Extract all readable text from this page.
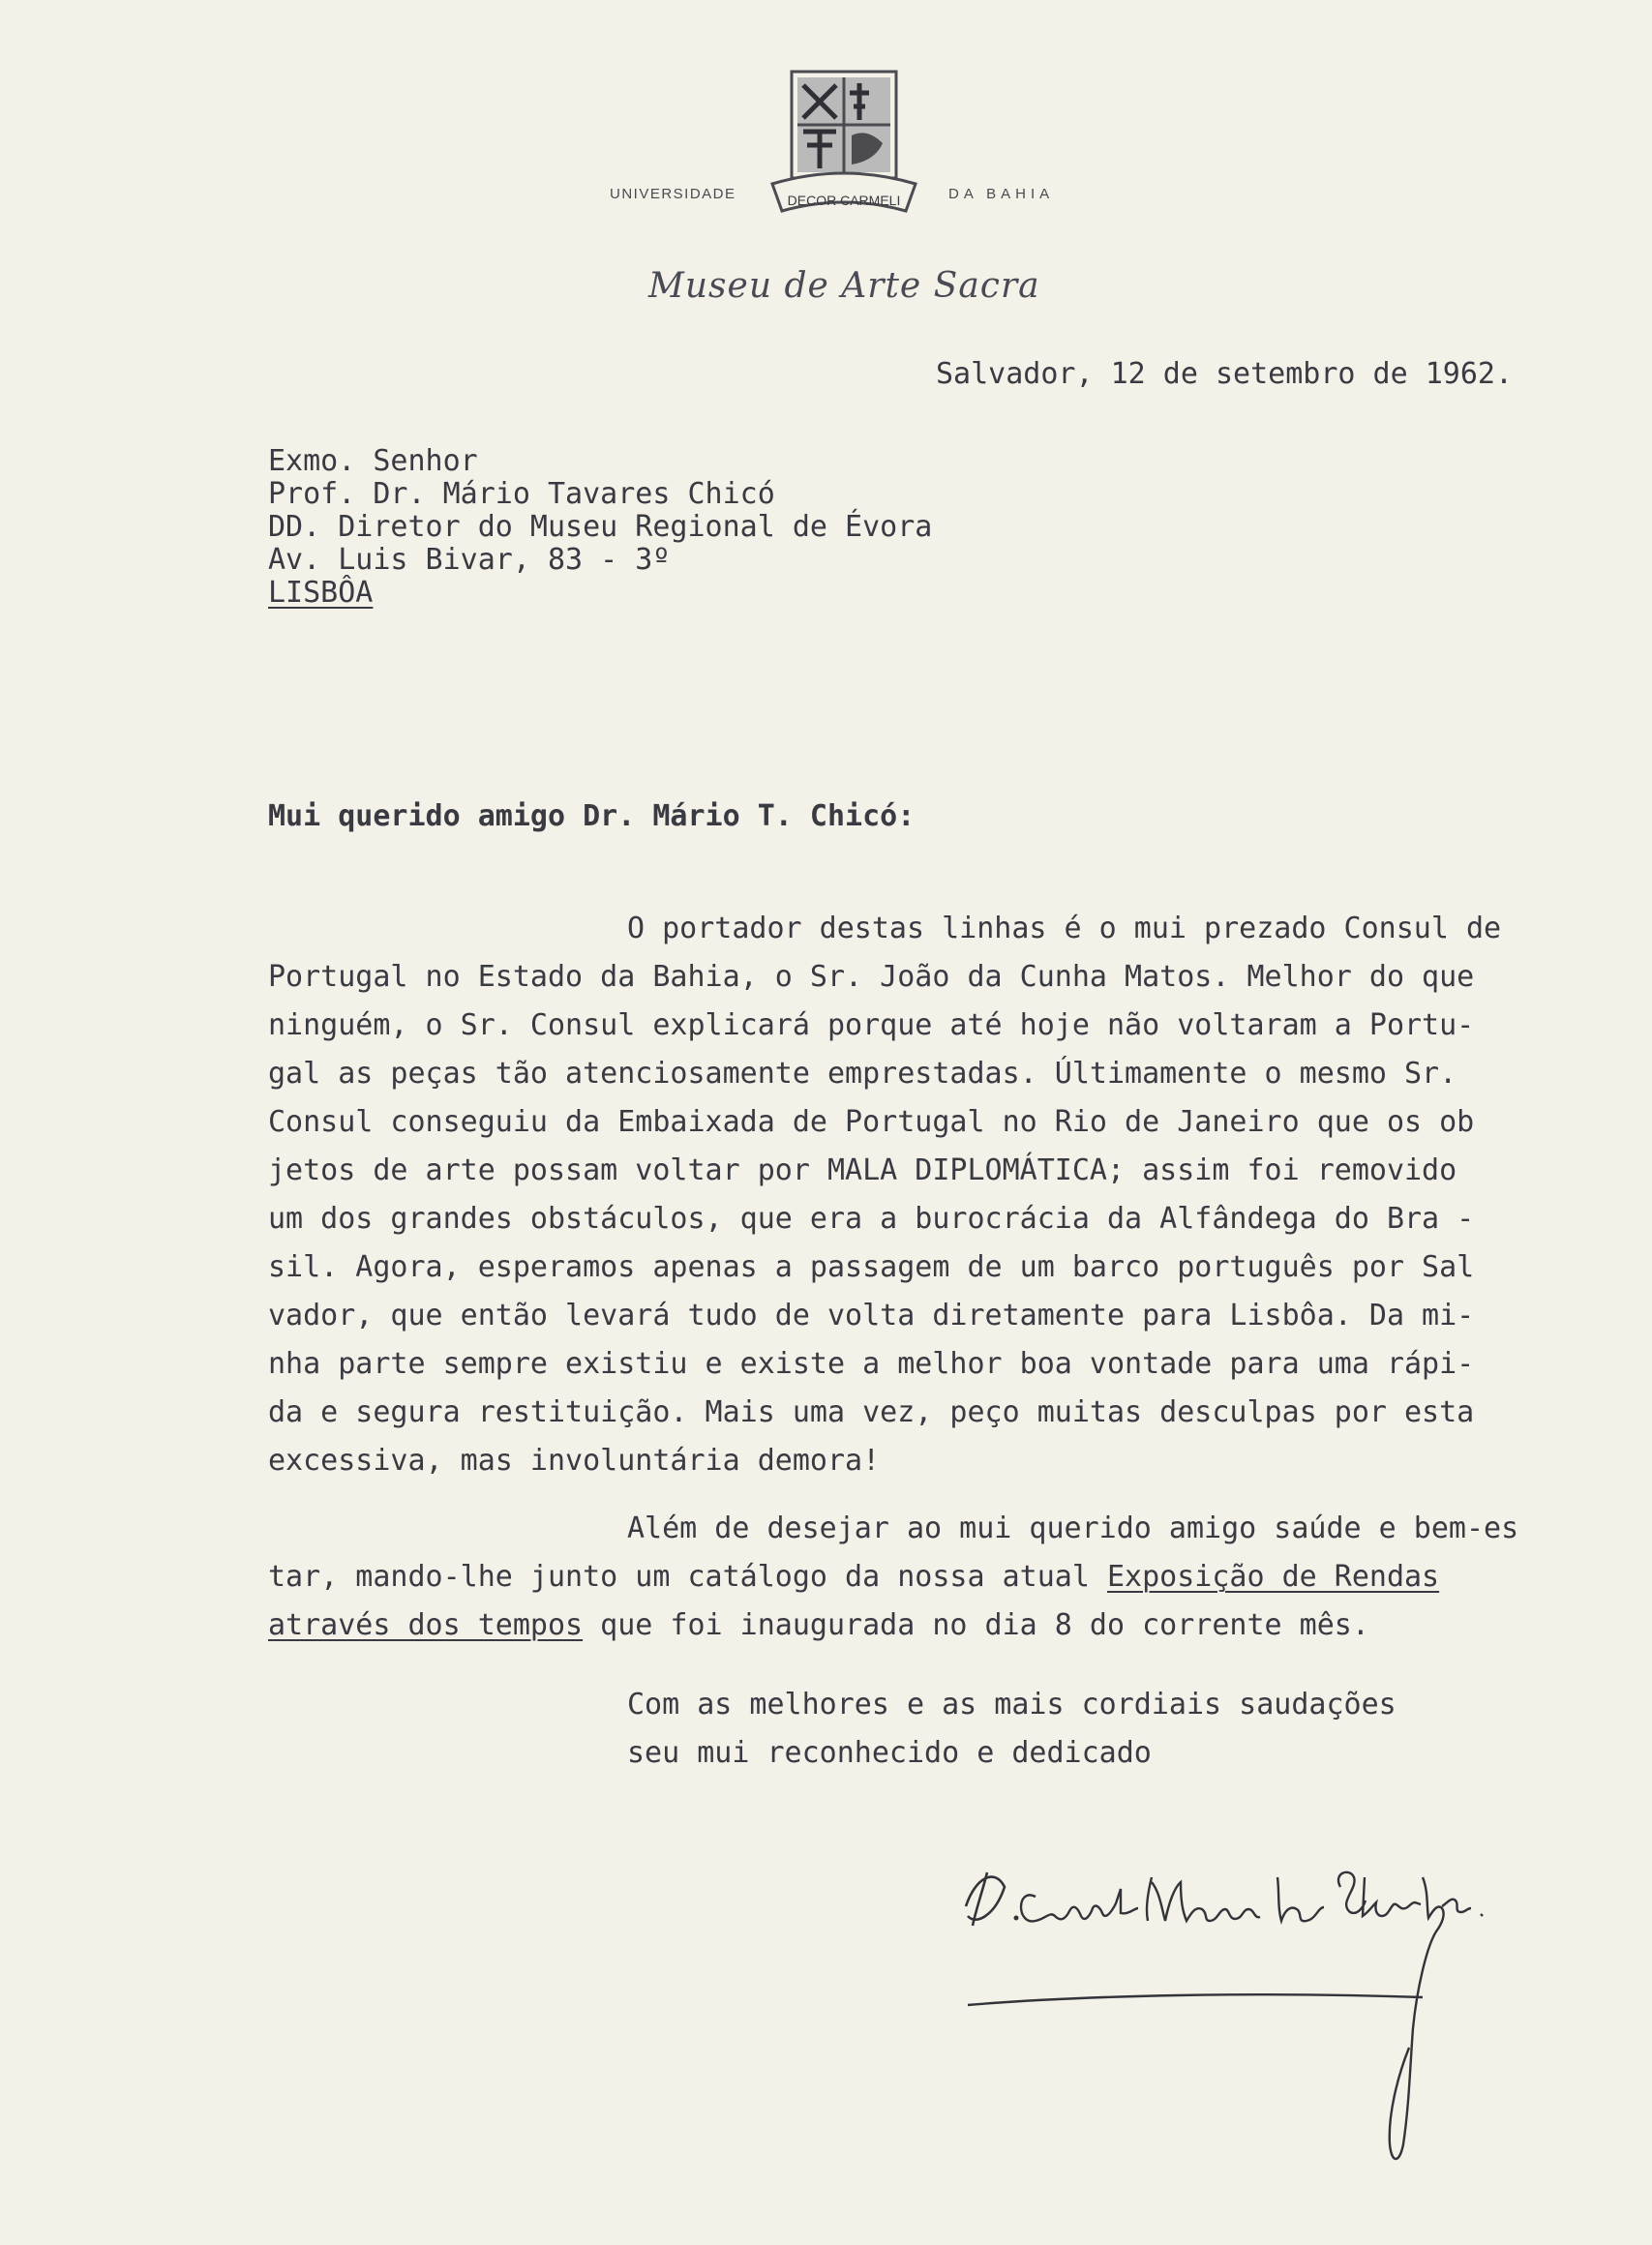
DECOR CARMELI
UNIVERSIDADE	DA BAHIA
Museu de Arte Sacra
Salvador, 12 de setembro de 1962.
Exmo. Senhor
Prof. Dr. Mário Tavares Chicó
DD. Diretor do Museu Regional de Évora
Av. Luis Bivar, 83 - 3º
LISBÔA
Mui querido amigo Dr. Mário T. Chicó:
O portador destas linhas é o mui prezado Consul de
Portugal no Estado da Bahia, o Sr. João da Cunha Matos. Melhor do que
ninguém, o Sr. Consul explicará porque até hoje não voltaram a Portu-
gal as peças tão atenciosamente emprestadas. Últimamente o mesmo Sr.
Consul conseguiu da Embaixada de Portugal no Rio de Janeiro que os ob
jetos de arte possam voltar por MALA DIPLOMÁTICA; assim foi removido
um dos grandes obstáculos, que era a burocrácia da Alfândega do Bra -
sil. Agora, esperamos apenas a passagem de um barco português por Sal
vador, que então levará tudo de volta diretamente para Lisbôa. Da mi-
nha parte sempre existiu e existe a melhor boa vontade para uma rápi-
da e segura restituição. Mais uma vez, peço muitas desculpas por esta
excessiva, mas involuntária demora!
Além de desejar ao mui querido amigo saúde e bem-es
tar, mando-lhe junto um catálogo da nossa atual Exposição de Rendas
através dos tempos que foi inaugurada no dia 8 do corrente mês.
Com as melhores e as mais cordiais saudações
seu mui reconhecido e dedicado
